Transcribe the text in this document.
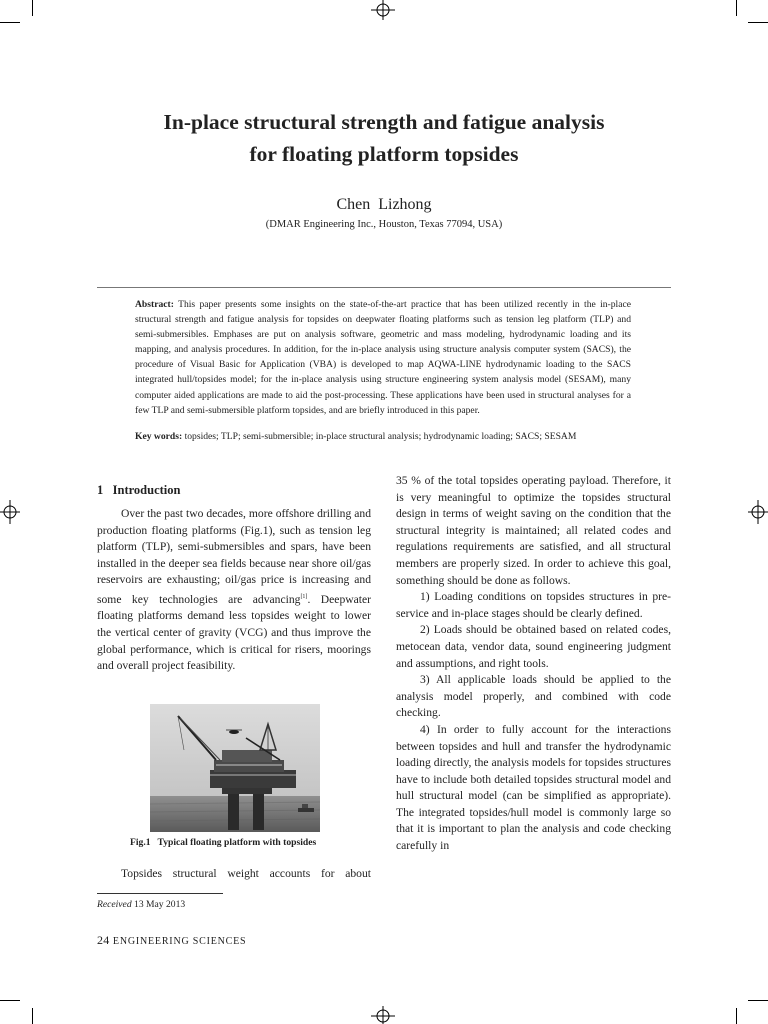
In-place structural strength and fatigue analysis
for floating platform topsides
Chen  Lizhong
(DMAR Engineering Inc., Houston, Texas 77094, USA)
Abstract: This paper presents some insights on the state-of-the-art practice that has been utilized recently in the in-place structural strength and fatigue analysis for topsides on deepwater floating platforms such as tension leg platform (TLP) and semi-submersibles. Emphases are put on analysis software, geometric and mass modeling, hydrodynamic loading and its mapping, and analysis procedures. In addition, for the in-place analysis using structure analysis computer system (SACS), the procedure of Visual Basic for Application (VBA) is developed to map AQWA-LINE hydrodynamic loading to the SACS integrated hull/topsides model; for the in-place analysis using structure engineering system analysis model (SESAM), many computer aided applications are made to aid the post-processing. These applications have been used in structural analyses for a few TLP and semi-submersible platform topsides, and are briefly introduced in this paper.
Key words: topsides; TLP; semi-submersible; in-place structural analysis; hydrodynamic loading; SACS; SESAM
1   Introduction

Over the past two decades, more offshore drilling and production floating platforms (Fig.1), such as tension leg platform (TLP), semi-submersibles and spars, have been installed in the deeper sea fields because near shore oil/gas reservoirs are exhausting; oil/gas price is increasing and some key technologies are advancing[1]. Deepwater floating platforms demand less topsides weight to lower the vertical center of gravity (VCG) and thus improve the global performance, which is critical for risers, moorings and overall project feasibility.

Fig.1   Typical floating platform with topsides

Topsides structural weight accounts for about

35 % of the total topsides operating payload. Therefore, it is very meaningful to optimize the topsides structural design in terms of weight saving on the condition that the structural integrity is maintained; all related codes and regulations requirements are satisfied, and all structural members are properly sized. In order to achieve this goal, something should be done as follows.

1) Loading conditions on topsides structures in pre-service and in-place stages should be clearly defined.

2) Loads should be obtained based on related codes, metocean data, vendor data, sound engineering judgment and assumptions, and right tools.

3) All applicable loads should be applied to the analysis model properly, and combined with code checking.

4) In order to fully account for the interactions between topsides and hull and transfer the hydrodynamic loading directly, the analysis models for topsides structures have to include both detailed topsides structural model and hull structural model (can be simplified as appropriate). The integrated topsides/hull model is commonly large so that it is important to plan the analysis and code checking carefully in

Received 13 May 2013
24 ENGINEERING SCIENCES
